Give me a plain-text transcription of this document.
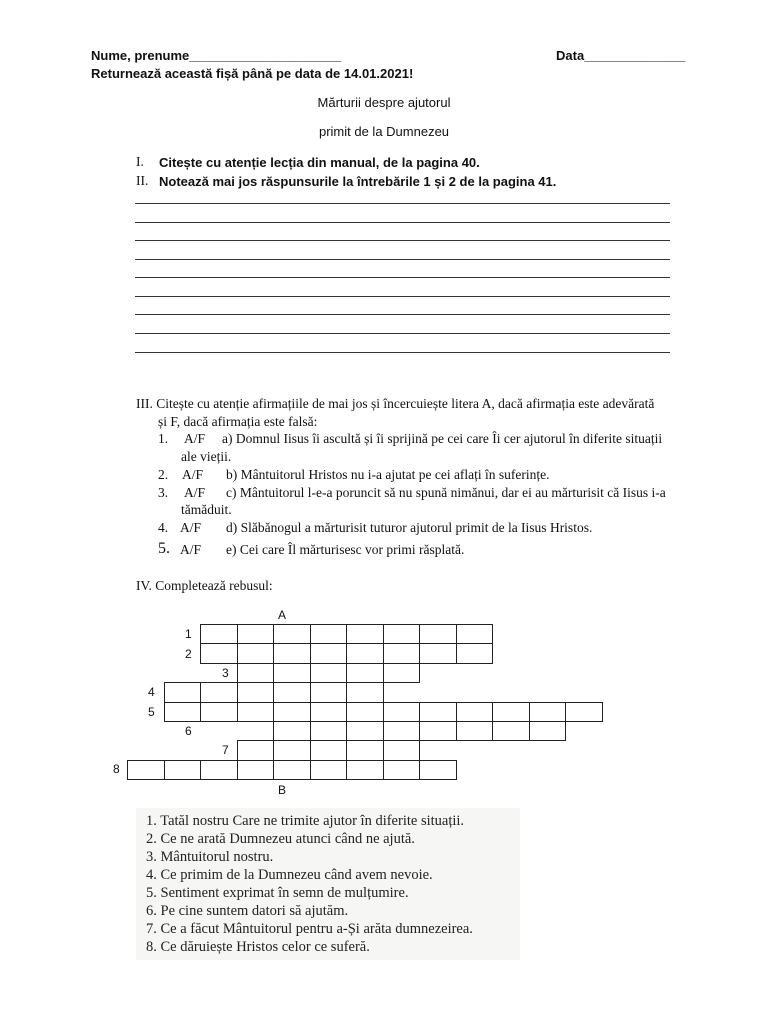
Nume, prenume_____________________	Data______________
Returnează această fișă până pe data de 14.01.2021!
Mărturii despre ajutorul
primit de la Dumnezeu
I. Citește cu atenție lecția din manual, de la pagina 40.
II. Notează mai jos răspunsurile la întrebările 1 și 2 de la pagina 41.
III. Citește cu atenție afirmațiile de mai jos și încercuiește litera A, dacă afirmația este adevărată
și F, dacă afirmația este falsă:
1. A/F a) Domnul Iisus îi ascultă și îi sprijină pe cei care Îi cer ajutorul în diferite situații
ale vieții.
2. A/F b) Mântuitorul Hristos nu i-a ajutat pe cei aflați în suferințe.
3. A/F c) Mântuitorul l-e-a poruncit să nu spună nimănui, dar ei au mărturisit că Iisus i-a
tămăduit.
4. A/F d) Slăbănogul a mărturisit tuturor ajutorul primit de la Iisus Hristos.
5. A/F e) Cei care Îl mărturisesc vor primi răsplată.
IV. Completează rebusul:
A
B
1
2
3
4
5
6
7
8
1. Tatăl nostru Care ne trimite ajutor în diferite situații.
2. Ce ne arată Dumnezeu atunci când ne ajută.
3. Mântuitorul nostru.
4. Ce primim de la Dumnezeu când avem nevoie.
5. Sentiment exprimat în semn de mulțumire.
6. Pe cine suntem datori să ajutăm.
7. Ce a făcut Mântuitorul pentru a-Și arăta dumnezeirea.
8. Ce dăruiește Hristos celor ce suferă.
